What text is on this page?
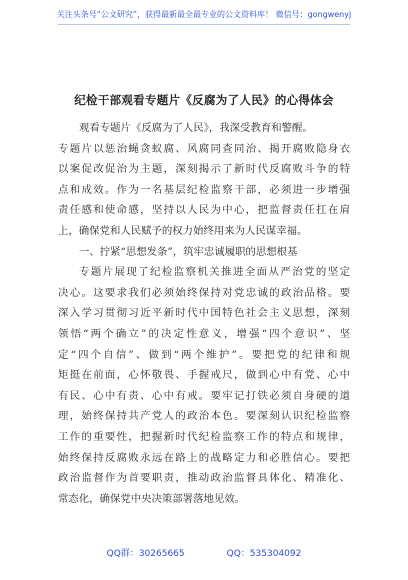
关注头条号“公文研究”，获得最新最全最专业的公文资料库！ 微信号：gongwenyj
纪检干部观看专题片《反腐为了人民》的心得体会
观看专题片《反腐为了人民》，我深受教育和警醒。
专题片以惩治蝇贪蚁腐、风腐同查同治、揭开腐败隐身衣
以案促改促治为主题，深刻揭示了新时代反腐败斗争的特
点和成效。作为一名基层纪检监察干部，必须进一步增强
责任感和使命感，坚持以人民为中心，把监督责任扛在肩
上，确保党和人民赋予的权力始终用来为人民谋幸福。
一、拧紧“思想发条”，筑牢忠诚履职的思想根基
专题片展现了纪检监察机关推进全面从严治党的坚定
决心。这要求我们必须始终保持对党忠诚的政治品格。要
深入学习贯彻习近平新时代中国特色社会主义思想，深刻
领悟“两个确立”的决定性意义，增强“四个意识”、坚
定“四个自信”、做到“两个维护”。要把党的纪律和规
矩挺在前面，心怀敬畏、手握戒尺，做到心中有党、心中
有民、心中有责、心中有戒。要牢记打铁必须自身硬的道
理，始终保持共产党人的政治本色。要深刻认识纪检监察
工作的重要性，把握新时代纪检监察工作的特点和规律，
始终保持反腐败永远在路上的战略定力和必胜信心。要把
政治监督作为首要职责，推动政治监督具体化、精准化、
常态化，确保党中央决策部署落地见效。
QQ群：30265665	QQ：535304092
